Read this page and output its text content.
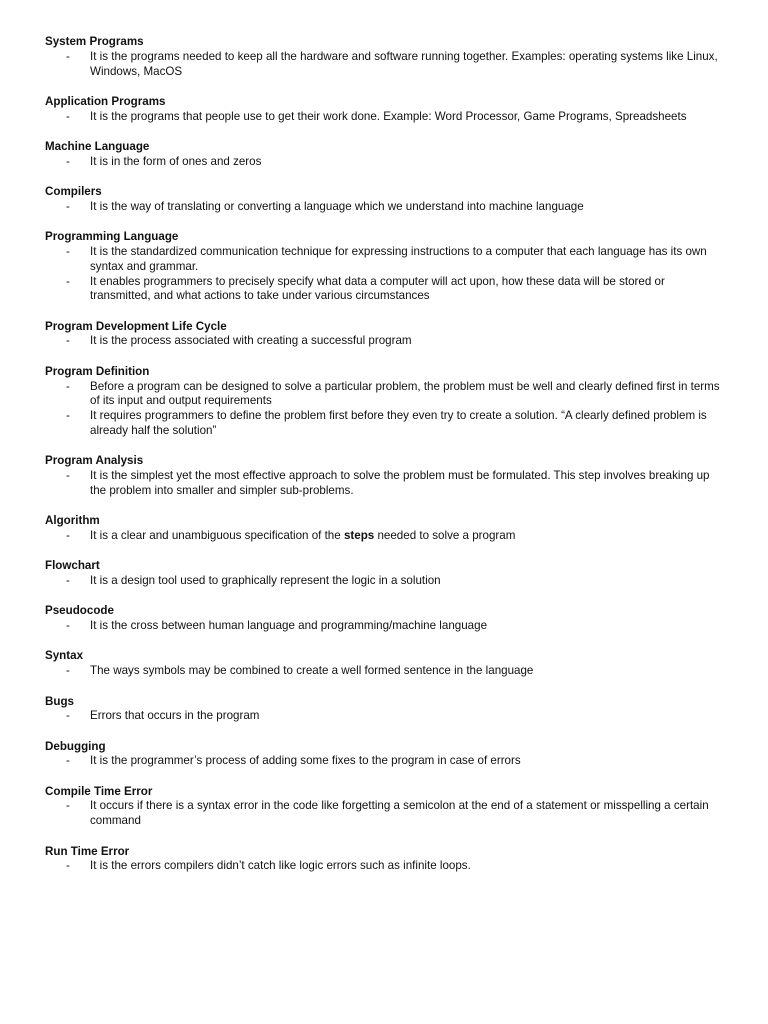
System Programs
- It is the programs needed to keep all the hardware and software running together. Examples: operating systems like Linux, Windows, MacOS
Application Programs
- It is the programs that people use to get their work done. Example: Word Processor, Game Programs, Spreadsheets
Machine Language
- It is in the form of ones and zeros
Compilers
- It is the way of translating or converting a language which we understand into machine language
Programming Language
- It is the standardized communication technique for expressing instructions to a computer that each language has its own syntax and grammar.
- It enables programmers to precisely specify what data a computer will act upon, how these data will be stored or transmitted, and what actions to take under various circumstances
Program Development Life Cycle
- It is the process associated with creating a successful program
Program Definition
- Before a program can be designed to solve a particular problem, the problem must be well and clearly defined first in terms of its input and output requirements
- It requires programmers to define the problem first before they even try to create a solution. “A clearly defined problem is already half the solution”
Program Analysis
- It is the simplest yet the most effective approach to solve the problem must be formulated. This step involves breaking up the problem into smaller and simpler sub-problems.
Algorithm
- It is a clear and unambiguous specification of the steps needed to solve a program
Flowchart
- It is a design tool used to graphically represent the logic in a solution
Pseudocode
- It is the cross between human language and programming/machine language
Syntax
- The ways symbols may be combined to create a well formed sentence in the language
Bugs
- Errors that occurs in the program
Debugging
- It is the programmer’s process of adding some fixes to the program in case of errors
Compile Time Error
- It occurs if there is a syntax error in the code like forgetting a semicolon at the end of a statement or misspelling a certain command
Run Time Error
- It is the errors compilers didn’t catch like logic errors such as infinite loops.
